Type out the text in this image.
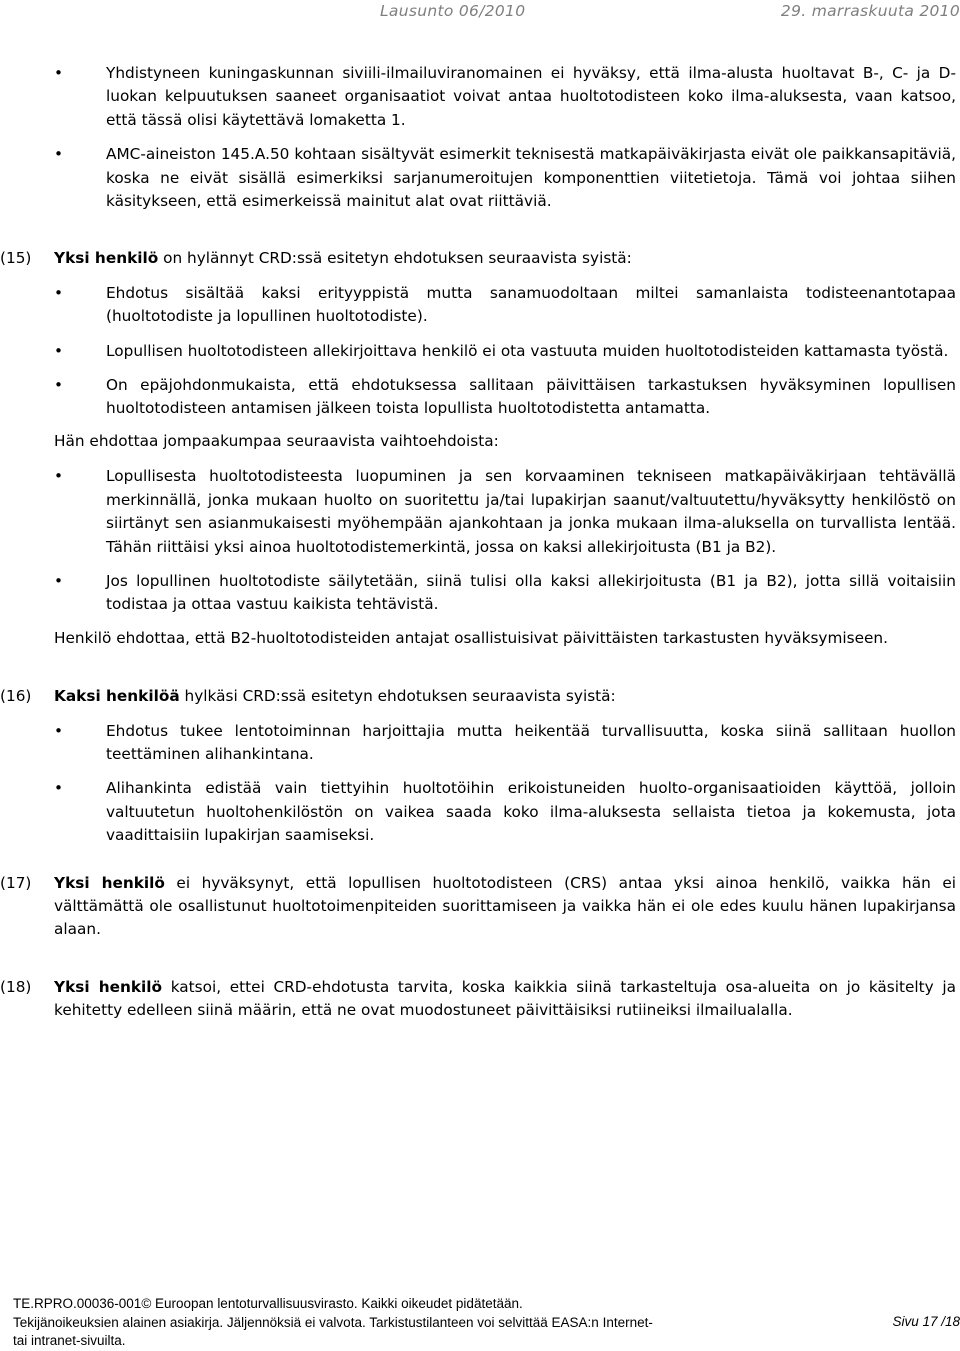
Lausunto 06/2010	29. marraskuuta 2010
•	Yhdistyneen kuningaskunnan siviili-ilmailuviranomainen ei hyväksy, että ilma-alusta huoltavat B-, C- ja D-luokan kelpuutuksen saaneet organisaatiot voivat antaa huoltotodisteen koko ilma-aluksesta, vaan katsoo, että tässä olisi käytettävä lomaketta 1.
•	AMC-aineiston 145.A.50 kohtaan sisältyvät esimerkit teknisestä matkapäiväkirjasta eivät ole paikkansapitäviä, koska ne eivät sisällä esimerkiksi sarjanumeroitujen komponenttien viitetietoja. Tämä voi johtaa siihen käsitykseen, että esimerkeissä mainitut alat ovat riittäviä.
(15) Yksi henkilö on hylännyt CRD:ssä esitetyn ehdotuksen seuraavista syistä:
•	Ehdotus sisältää kaksi erityyppistä mutta sanamuodoltaan miltei samanlaista todisteenantotapaa (huoltotodiste ja lopullinen huoltotodiste).
•	Lopullisen huoltotodisteen allekirjoittava henkilö ei ota vastuuta muiden huoltotodisteiden kattamasta työstä.
•	On epäjohdonmukaista, että ehdotuksessa sallitaan päivittäisen tarkastuksen hyväksyminen lopullisen huoltotodisteen antamisen jälkeen toista lopullista huoltotodistetta antamatta.
Hän ehdottaa jompaakumpaa seuraavista vaihtoehdoista:
•	Lopullisesta huoltotodisteesta luopuminen ja sen korvaaminen tekniseen matkapäiväkirjaan tehtävällä merkinnällä, jonka mukaan huolto on suoritettu ja/tai lupakirjan saanut/valtuutettu/hyväksytty henkilöstö on siirtänyt sen asianmukaisesti myöhempään ajankohtaan ja jonka mukaan ilma-aluksella on turvallista lentää. Tähän riittäisi yksi ainoa huoltotodistemerkintä, jossa on kaksi allekirjoitusta (B1 ja B2).
•	Jos lopullinen huoltotodiste säilytetään, siinä tulisi olla kaksi allekirjoitusta (B1 ja B2), jotta sillä voitaisiin todistaa ja ottaa vastuu kaikista tehtävistä.
Henkilö ehdottaa, että B2-huoltotodisteiden antajat osallistuisivat päivittäisten tarkastusten hyväksymiseen.
(16) Kaksi henkilöä hylkäsi CRD:ssä esitetyn ehdotuksen seuraavista syistä:
•	Ehdotus tukee lentotoiminnan harjoittajia mutta heikentää turvallisuutta, koska siinä sallitaan huollon teettäminen alihankintana.
•	Alihankinta edistää vain tiettyihin huoltotöihin erikoistuneiden huolto-organisaatioiden käyttöä, jolloin valtuutetun huoltohenkilöstön on vaikea saada koko ilma-aluksesta sellaista tietoa ja kokemusta, jota vaadittaisiin lupakirjan saamiseksi.
(17) Yksi henkilö ei hyväksynyt, että lopullisen huoltotodisteen (CRS) antaa yksi ainoa henkilö, vaikka hän ei välttämättä ole osallistunut huoltotoimenpiteiden suorittamiseen ja vaikka hän ei ole edes kuulu hänen lupakirjansa alaan.
(18) Yksi henkilö katsoi, ettei CRD-ehdotusta tarvita, koska kaikkia siinä tarkasteltuja osa-alueita on jo käsitelty ja kehitetty edelleen siinä määrin, että ne ovat muodostuneet päivittäisiksi rutiineiksi ilmailualalla.
TE.RPRO.00036-001© Euroopan lentoturvallisuusvirasto. Kaikki oikeudet pidätetään.
Tekijänoikeuksien alainen asiakirja. Jäljennöksiä ei valvota. Tarkistustilanteen voi selvittää EASA:n Internet-
tai intranet-sivuilta.
Sivu 17 /18
